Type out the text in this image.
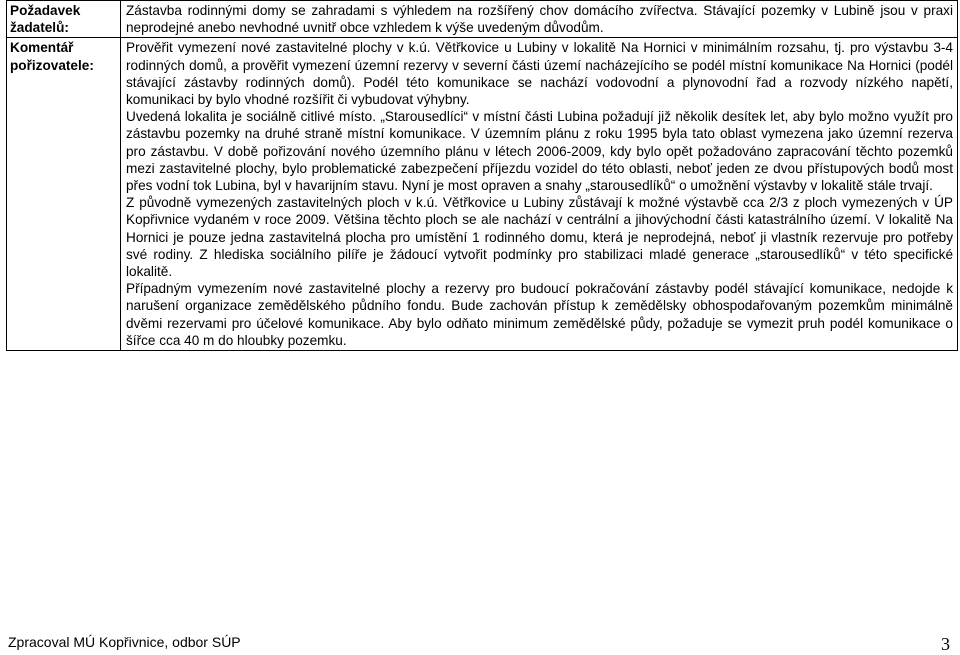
Požadavek žadatelů:	Zástavba rodinnými domy se zahradami s výhledem na rozšířený chov domácího zvířectva. Stávající pozemky v Lubině jsou v praxi neprodejné anebo nevhodné uvnitř obce vzhledem k výše uvedeným důvodům.

Komentář pořizovatele:	Prověřit vymezení nové zastavitelné plochy v k.ú. Větřkovice u Lubiny v lokalitě Na Hornici v minimálním rozsahu, tj. pro výstavbu 3-4 rodinných domů, a prověřit vymezení územní rezervy v severní části území nacházejícího se podél místní komunikace Na Hornici (podél stávající zástavby rodinných domů). Podél této komunikace se nachází vodovodní a plynovodní řad a rozvody nízkého napětí, komunikaci by bylo vhodné rozšířit či vybudovat výhybny.

Uvedená lokalita je sociálně citlivé místo. „Starousedlíci“ v místní části Lubina požadují již několik desítek let, aby bylo možno využít pro zástavbu pozemky na druhé straně místní komunikace. V územním plánu z roku 1995 byla tato oblast vymezena jako územní rezerva pro zástavbu. V době pořizování nového územního plánu v létech 2006-2009, kdy bylo opět požadováno zapracování těchto pozemků mezi zastavitelné plochy, bylo problematické zabezpečení příjezdu vozidel do této oblasti, neboť jeden ze dvou přístupových bodů most přes vodní tok Lubina, byl v havarijním stavu. Nyní je most opraven a snahy „starousedlíků“ o umožnění výstavby v lokalitě stále trvají.

Z původně vymezených zastavitelných ploch v k.ú. Větřkovice u Lubiny zůstávají k možné výstavbě cca 2/3 z ploch vymezených v ÚP Kopřivnice vydaném v roce 2009. Většina těchto ploch se ale nachází v centrální a jihovýchodní části katastrálního území. V lokalitě Na Hornici je pouze jedna zastavitelná plocha pro umístění 1 rodinného domu, která je neprodejná, neboť ji vlastník rezervuje pro potřeby své rodiny. Z hlediska sociálního pilíře je žádoucí vytvořit podmínky pro stabilizaci mladé generace „starousedlíků“ v této specifické lokalitě.

Případným vymezením nové zastavitelné plochy a rezervy pro budoucí pokračování zástavby podél stávající komunikace, nedojde k narušení organizace zemědělského půdního fondu. Bude zachován přístup k zemědělsky obhospodařovaným pozemkům minimálně dvěmi rezervami pro účelové komunikace. Aby bylo odňato minimum zemědělské půdy, požaduje se vymezit pruh podél komunikace o šířce cca 40 m do hloubky pozemku.

Zpracoval MÚ Kopřivnice, odbor SÚP	3
